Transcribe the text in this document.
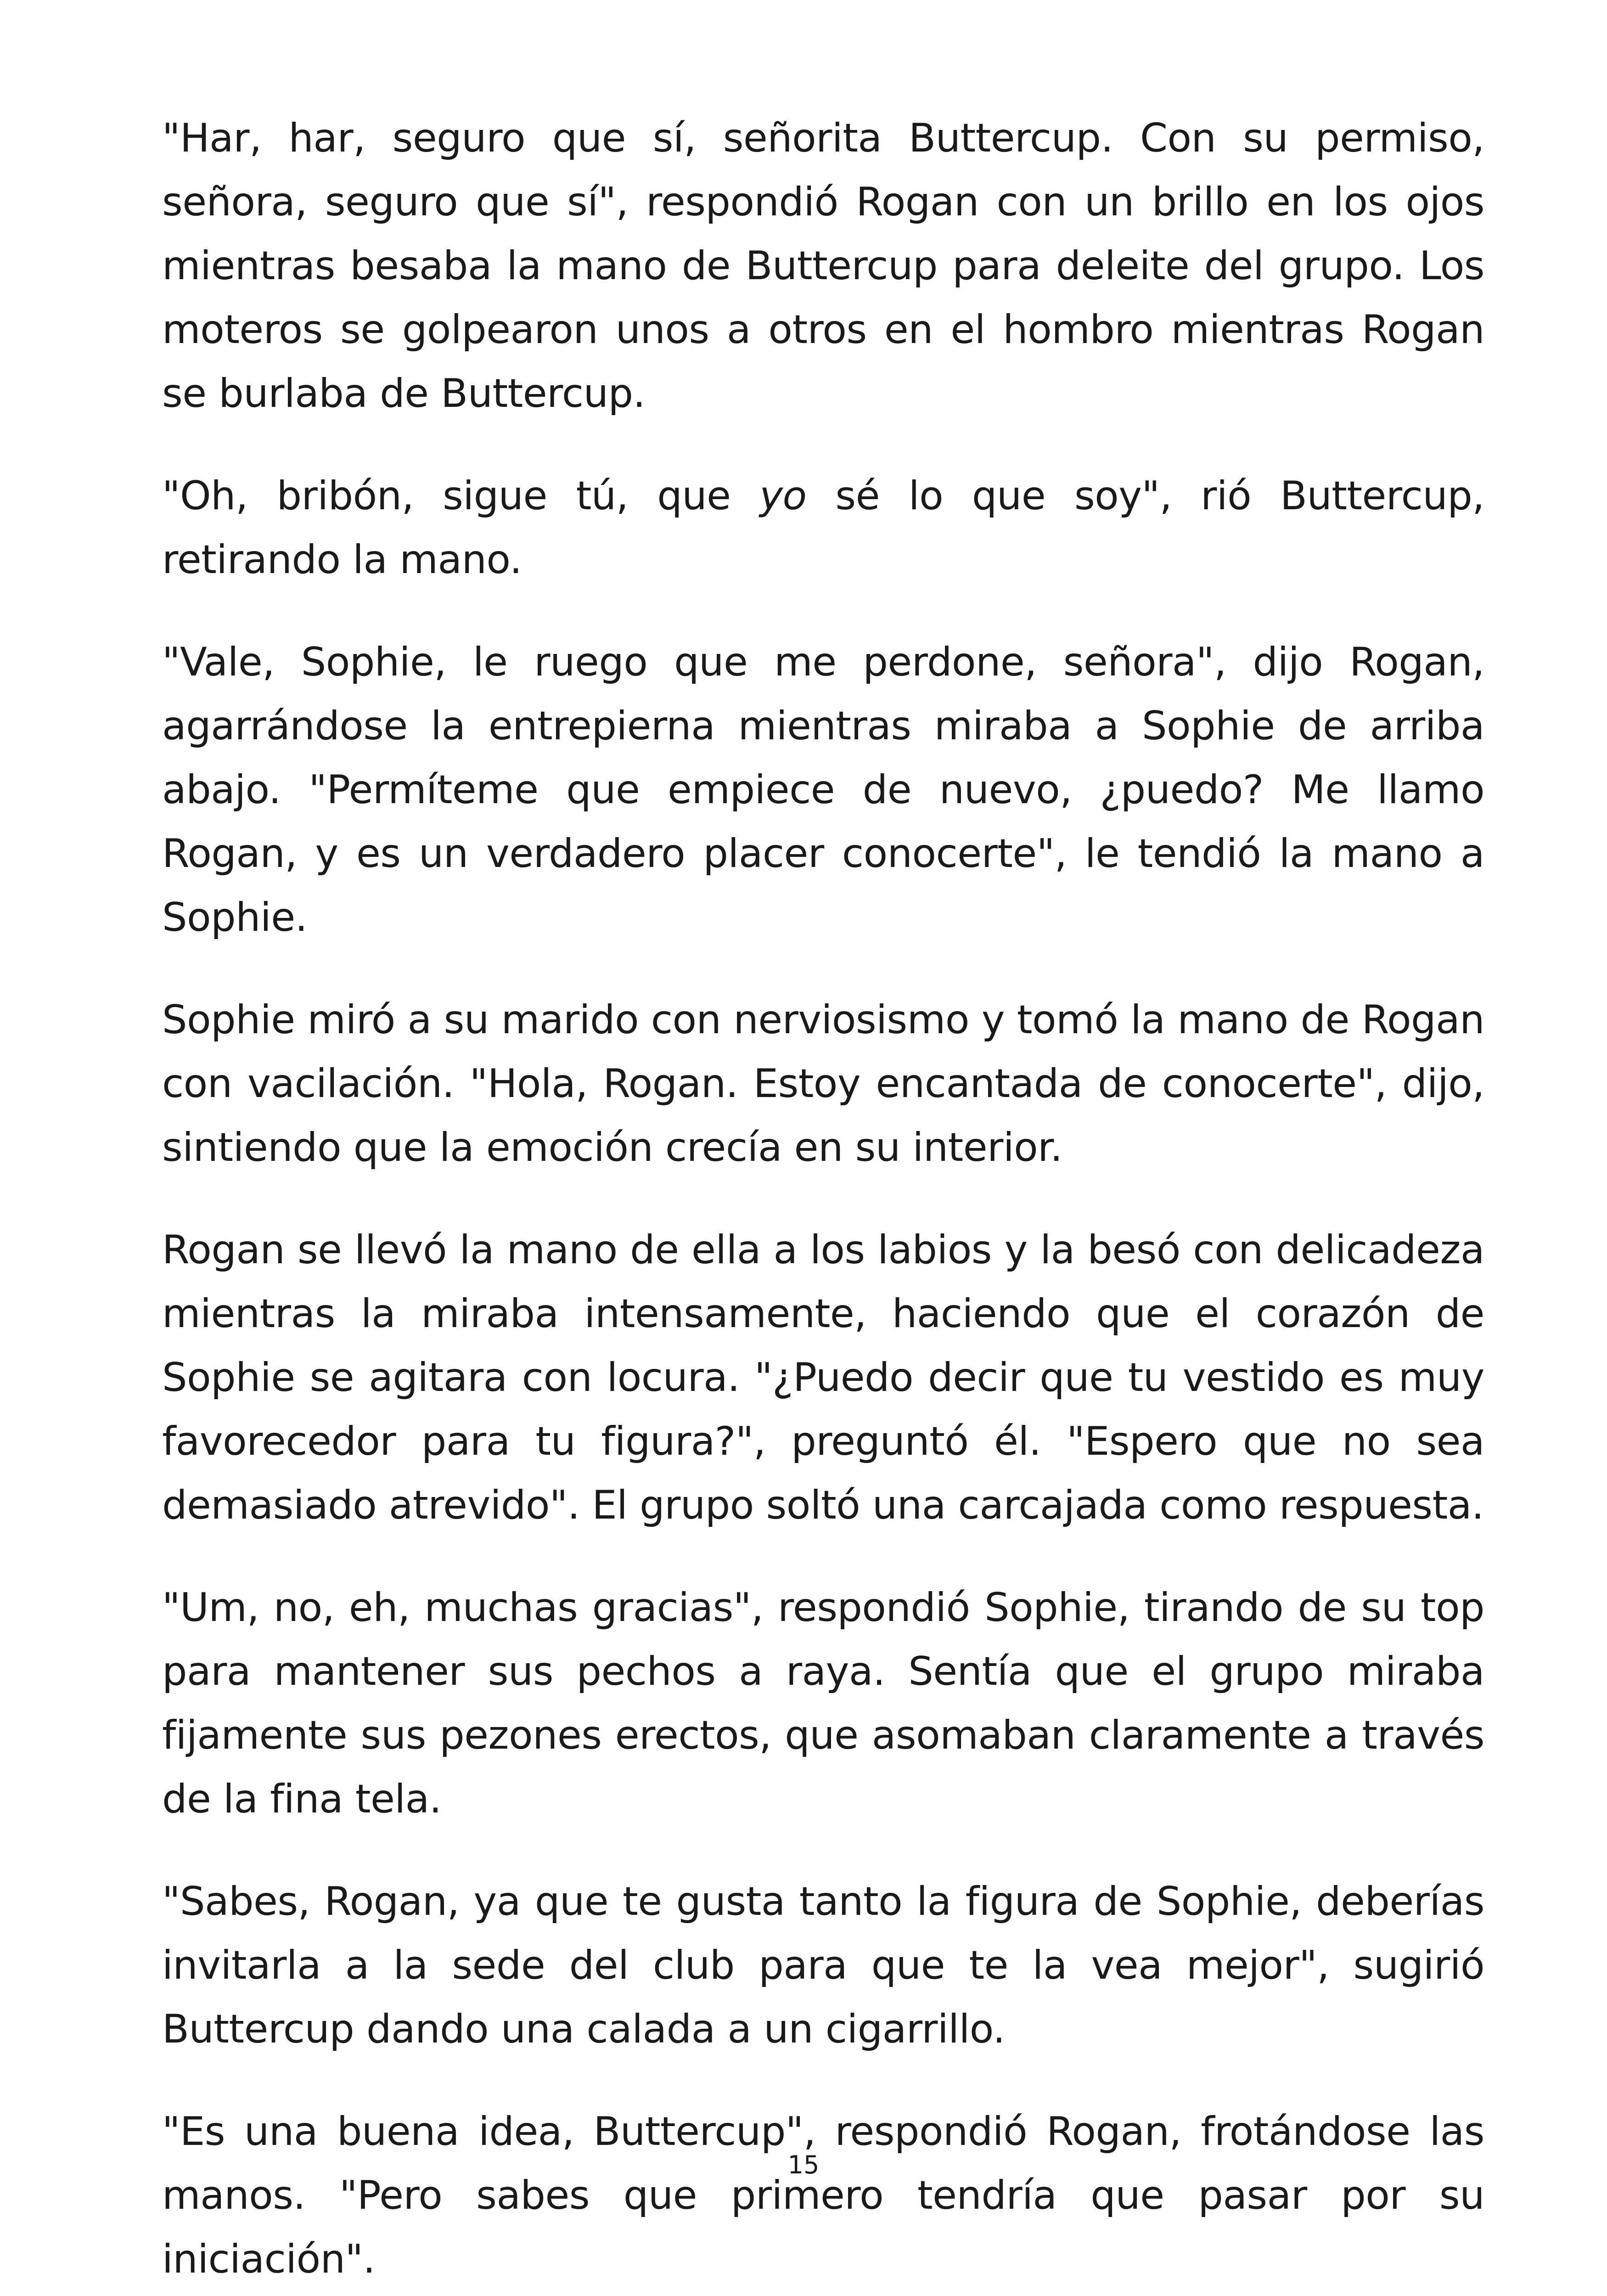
"Har, har, seguro que sí, señorita Buttercup. Con su permiso, señora, seguro que sí", respondió Rogan con un brillo en los ojos mientras besaba la mano de Buttercup para deleite del grupo. Los moteros se golpearon unos a otros en el hombro mientras Rogan se burlaba de Buttercup.

"Oh, bribón, sigue tú, que yo sé lo que soy", rió Buttercup, retirando la mano.

"Vale, Sophie, le ruego que me perdone, señora", dijo Rogan, agarrándose la entrepierna mientras miraba a Sophie de arriba abajo. "Permíteme que empiece de nuevo, ¿puedo? Me llamo Rogan, y es un verdadero placer conocerte", le tendió la mano a Sophie.

Sophie miró a su marido con nerviosismo y tomó la mano de Rogan con vacilación. "Hola, Rogan. Estoy encantada de conocerte", dijo, sintiendo que la emoción crecía en su interior.

Rogan se llevó la mano de ella a los labios y la besó con delicadeza mientras la miraba intensamente, haciendo que el corazón de Sophie se agitara con locura. "¿Puedo decir que tu vestido es muy favorecedor para tu figura?", preguntó él. "Espero que no sea demasiado atrevido". El grupo soltó una carcajada como respuesta.

"Um, no, eh, muchas gracias", respondió Sophie, tirando de su top para mantener sus pechos a raya. Sentía que el grupo miraba fijamente sus pezones erectos, que asomaban claramente a través de la fina tela.

"Sabes, Rogan, ya que te gusta tanto la figura de Sophie, deberías invitarla a la sede del club para que te la vea mejor", sugirió Buttercup dando una calada a un cigarrillo.

"Es una buena idea, Buttercup", respondió Rogan, frotándose las manos. "Pero sabes que primero tendría que pasar por su iniciación".

15
